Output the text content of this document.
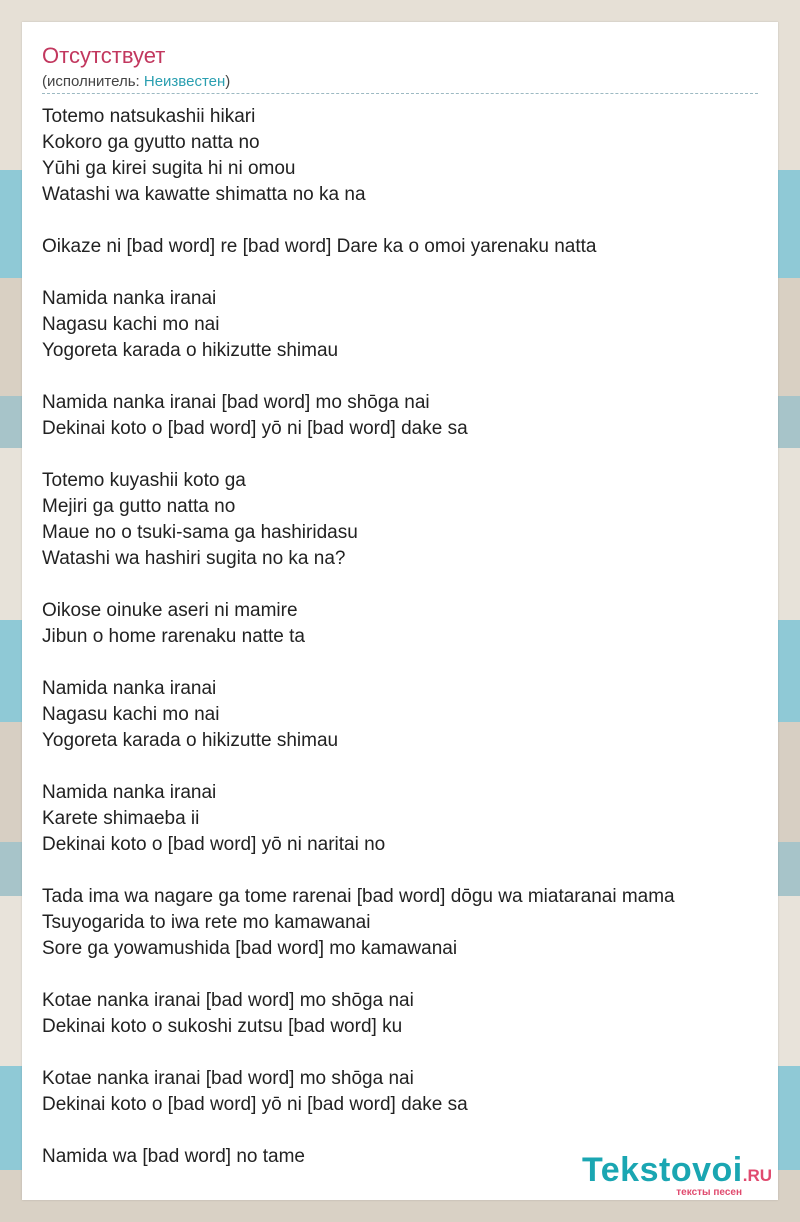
Отсутствует
(исполнитель: Неизвестен)
Totemo natsukashii hikari
Kokoro ga gyutto natta no
Yūhi ga kirei sugita hi ni omou
Watashi wa kawatte shimatta no ka na

Oikaze ni [bad word] re [bad word] Dare ka o omoi yarenaku natta

Namida nanka iranai
Nagasu kachi mo nai
Yogoreta karada o hikizutte shimau

Namida nanka iranai [bad word] mo shōga nai
Dekinai koto o [bad word] yō ni [bad word] dake sa

Totemo kuyashii koto ga
Mejiri ga gutto natta no
Maue no o tsuki-sama ga hashiridasu
Watashi wa hashiri sugita no ka na?

Oikose oinuke aseri ni mamire
Jibun o home rarenaku natte ta

Namida nanka iranai
Nagasu kachi mo nai
Yogoreta karada o hikizutte shimau

Namida nanka iranai
Karete shimaeba ii
Dekinai koto o [bad word] yō ni naritai no

Tada ima wa nagare ga tome rarenai [bad word] dōgu wa miataranai mama
Tsuyogarida to iwa rete mo kamawanai
Sore ga yowamushida [bad word] mo kamawanai

Kotae nanka iranai [bad word] mo shōga nai
Dekinai koto o sukoshi zutsu [bad word] ku

Kotae nanka iranai [bad word] mo shōga nai
Dekinai koto o [bad word] yō ni [bad word] dake sa

Namida wa [bad word] no tame	Tekstovoi.RU
тексты песен
